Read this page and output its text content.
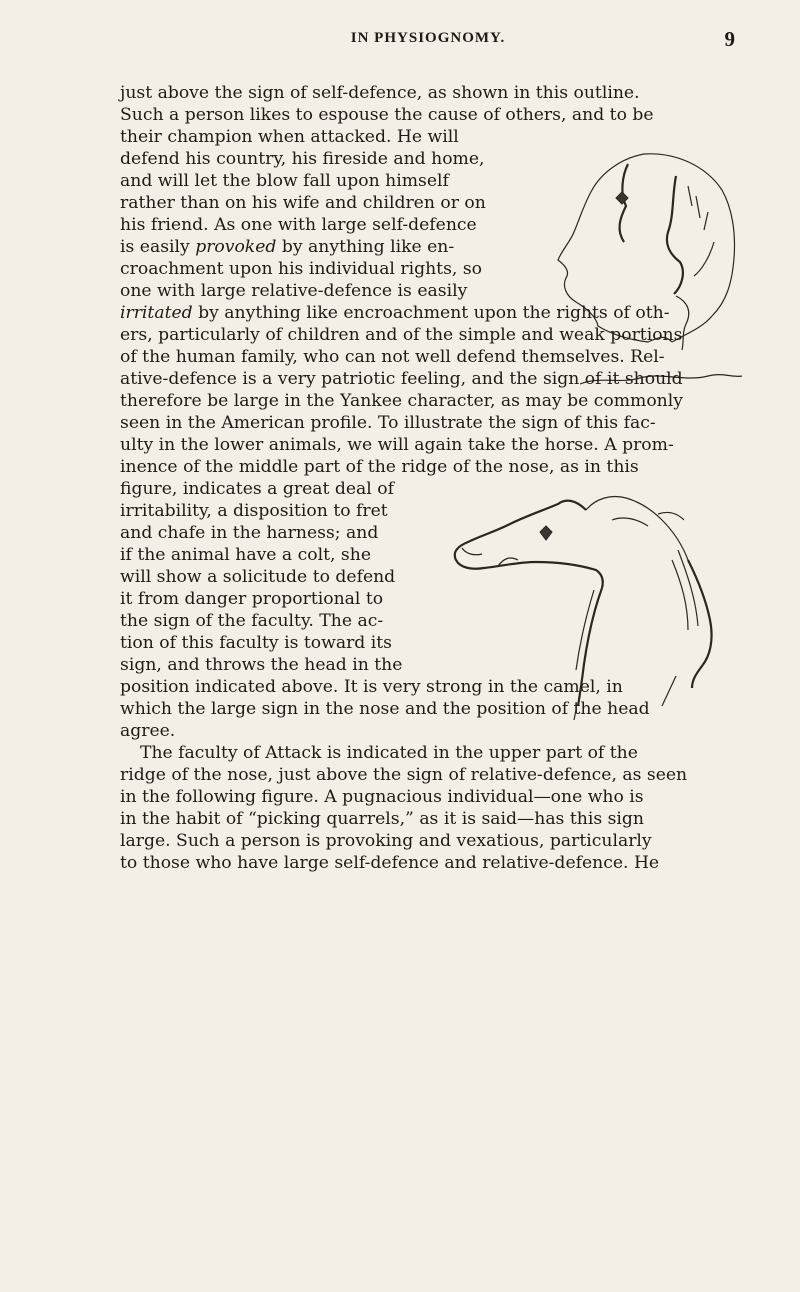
IN PHYSIOGNOMY.	9

just above the sign of self-defence, as shown in this outline.
Such a person likes to espouse the cause of others, and to be
their champion when attacked. He will
defend his country, his fireside and home,
and will let the blow fall upon himself
rather than on his wife and children or on
his friend. As one with large self-defence
is easily provoked by anything like en-
croachment upon his individual rights, so
one with large relative-defence is easily
irritated by anything like encroachment upon the rights of oth-
ers, particularly of children and of the simple and weak portions
of the human family, who can not well defend themselves. Rel-
ative-defence is a very patriotic feeling, and the sign of it should
therefore be large in the Yankee character, as may be commonly
seen in the American profile. To illustrate the sign of this fac-
ulty in the lower animals, we will again take the horse. A prom-
inence of the middle part of the ridge of the nose, as in this

figure, indicates a great deal of
irritability, a disposition to fret
and chafe in the harness; and
if the animal have a colt, she
will show a solicitude to defend
it from danger proportional to
the sign of the faculty. The ac-
tion of this faculty is toward its
sign, and throws the head in the
position indicated above. It is very strong in the camel, in
which the large sign in the nose and the position of the head
agree.

The faculty of Attack is indicated in the upper part of the
ridge of the nose, just above the sign of relative-defence, as seen
in the following figure. A pugnacious individual—one who is
in the habit of “picking quarrels,” as it is said—has this sign
large. Such a person is provoking and vexatious, particularly
to those who have large self-defence and relative-defence. He
